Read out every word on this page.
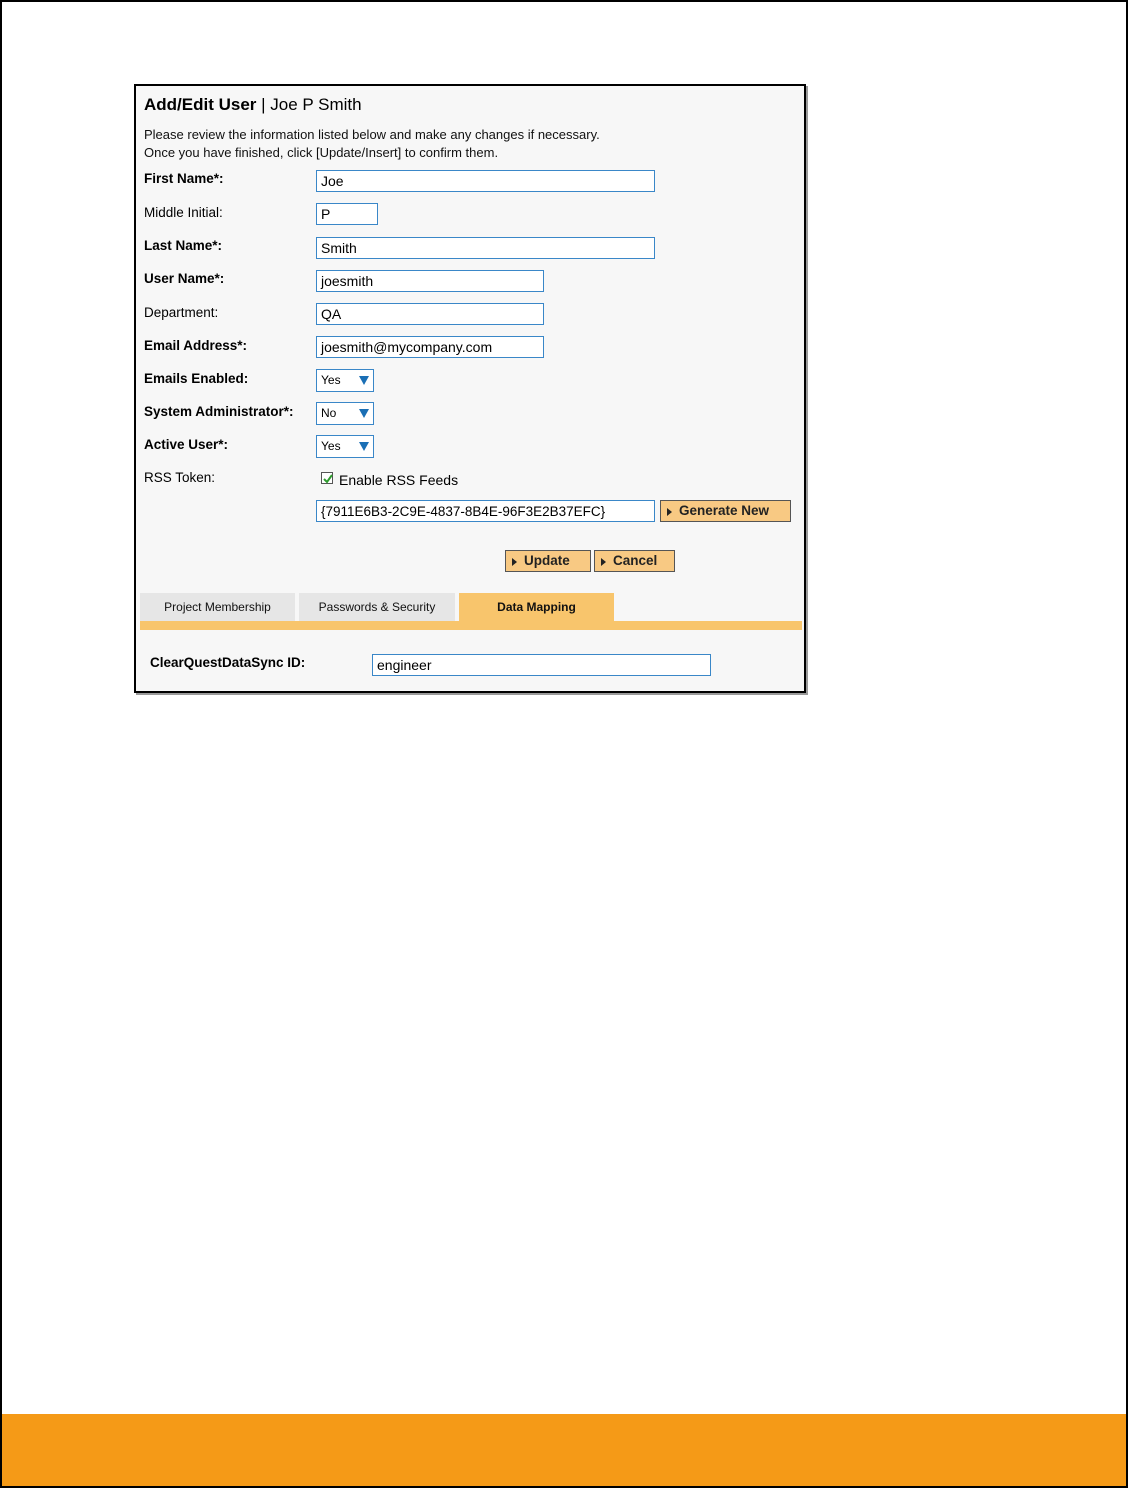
Add/Edit User | Joe P Smith
Please review the information listed below and make any changes if necessary.
Once you have finished, click [Update/Insert] to confirm them.
First Name*:	Joe
Middle Initial:	P
Last Name*:	Smith
User Name*:	joesmith
Department:	QA
Email Address*:	joesmith@mycompany.com
Emails Enabled:	Yes
System Administrator*:	No
Active User*:	Yes
RSS Token:	Enable RSS Feeds
{7911E6B3-2C9E-4837-8B4E-96F3E2B37EFC}	Generate New
Update	Cancel
Project Membership	Passwords & Security	Data Mapping
ClearQuestDataSync ID:	engineer
